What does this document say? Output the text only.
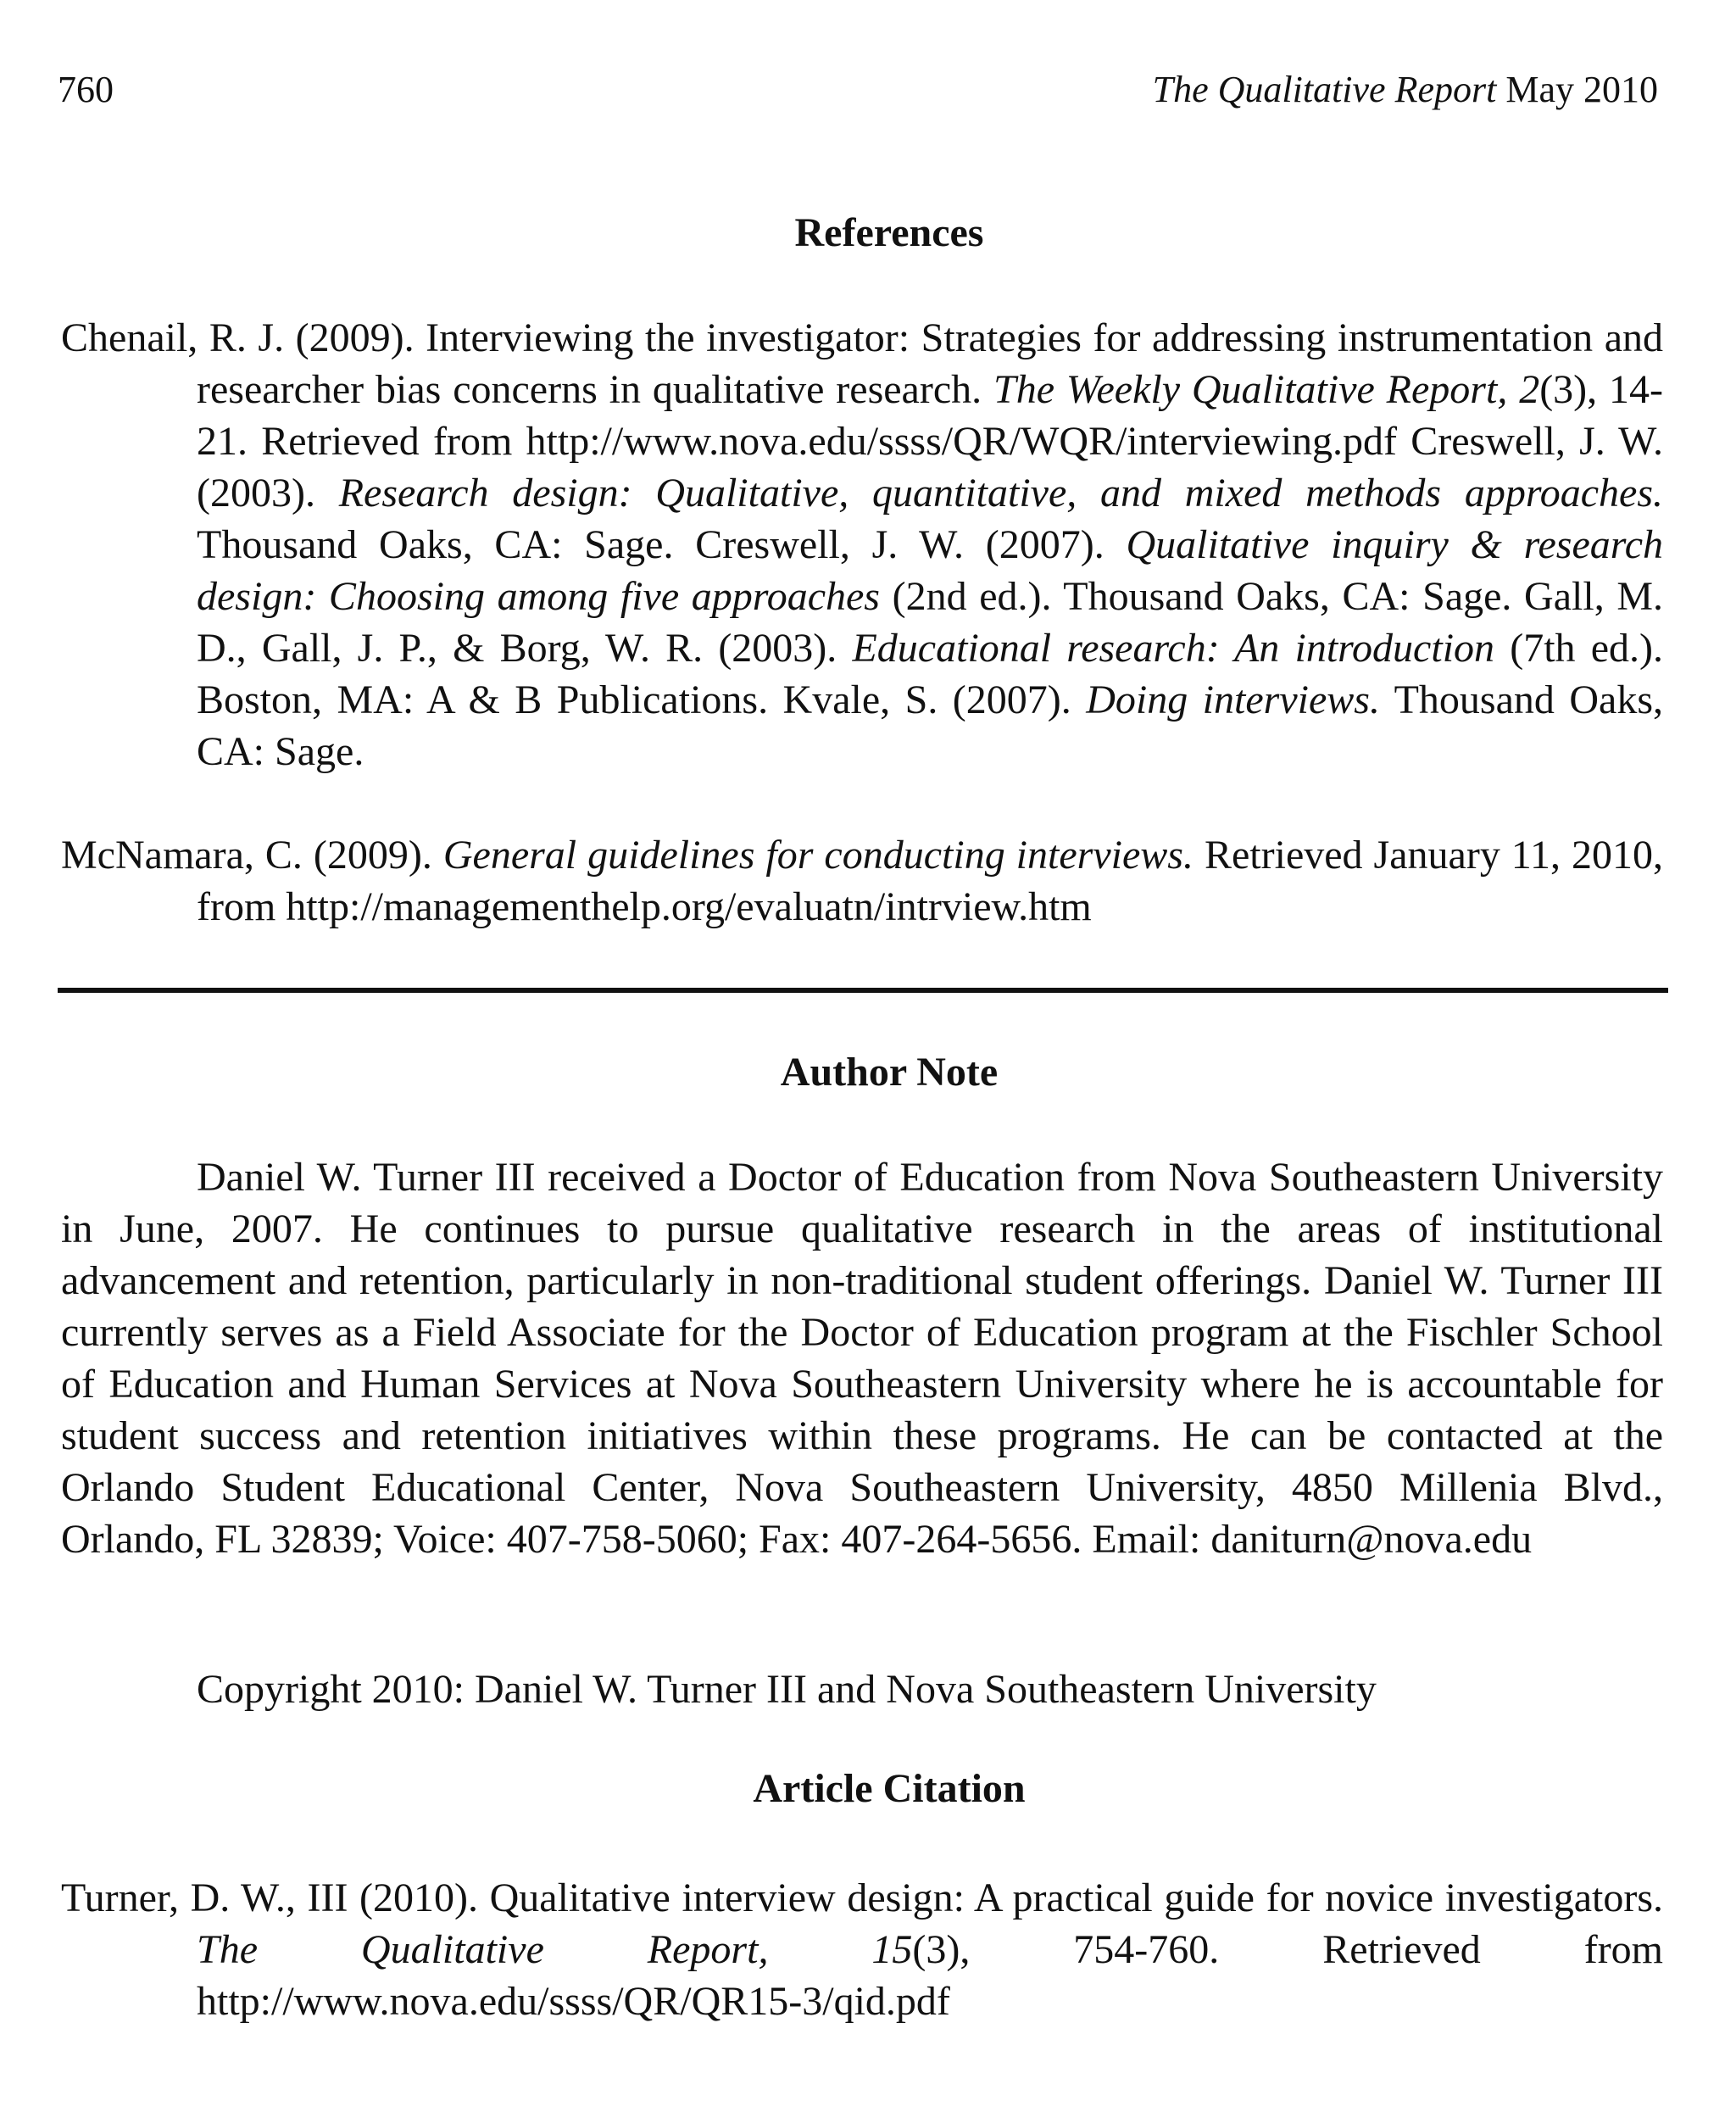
760	The Qualitative Report May 2010
References
Chenail, R. J. (2009). Interviewing the investigator: Strategies for addressing instrumentation and researcher bias concerns in qualitative research. The Weekly Qualitative Report, 2(3), 14-21. Retrieved from http://www.nova.edu/ssss/QR/WQR/interviewing.pdf Creswell, J. W. (2003). Research design: Qualitative, quantitative, and mixed methods approaches. Thousand Oaks, CA: Sage. Creswell, J. W. (2007). Qualitative inquiry & research design: Choosing among five approaches (2nd ed.). Thousand Oaks, CA: Sage. Gall, M. D., Gall, J. P., & Borg, W. R. (2003). Educational research: An introduction (7th ed.). Boston, MA: A & B Publications. Kvale, S. (2007). Doing interviews. Thousand Oaks, CA: Sage.
McNamara, C. (2009). General guidelines for conducting interviews. Retrieved January 11, 2010, from http://managementhelp.org/evaluatn/intrview.htm
Author Note

Daniel W. Turner III received a Doctor of Education from Nova Southeastern University in June, 2007. He continues to pursue qualitative research in the areas of institutional advancement and retention, particularly in non-traditional student offerings. Daniel W. Turner III currently serves as a Field Associate for the Doctor of Education program at the Fischler School of Education and Human Services at Nova Southeastern University where he is accountable for student success and retention initiatives within these programs. He can be contacted at the Orlando Student Educational Center, Nova Southeastern University, 4850 Millenia Blvd., Orlando, FL 32839; Voice: 407-758-5060; Fax: 407-264-5656. Email: daniturn@nova.edu

Copyright 2010: Daniel W. Turner III and Nova Southeastern University
Article Citation
Turner, D. W., III (2010). Qualitative interview design: A practical guide for novice investigators. The Qualitative Report,	15(3), 754-760. Retrieved from http://www.nova.edu/ssss/QR/QR15-3/qid.pdf
